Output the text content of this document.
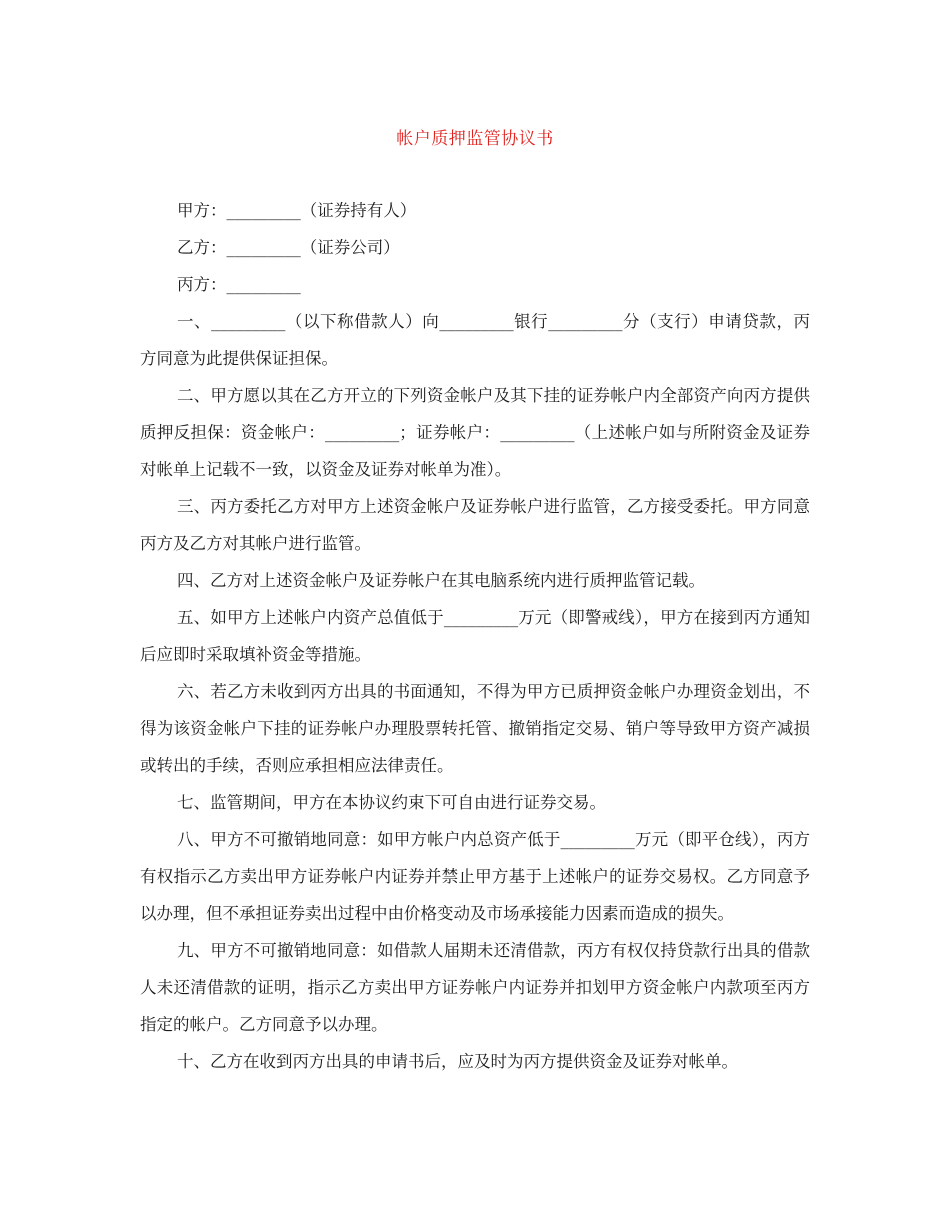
帐户质押监管协议书

甲方：_________（证券持有人）

乙方：_________（证券公司）

丙方：_________

一、_________（以下称借款人）向_________银行_________分（支行）申请贷款，丙方同意为此提供保证担保。

二、甲方愿以其在乙方开立的下列资金帐户及其下挂的证券帐户内全部资产向丙方提供质押反担保：资金帐户：_________；证券帐户：_________（上述帐户如与所附资金及证券对帐单上记载不一致，以资金及证券对帐单为准）。

三、丙方委托乙方对甲方上述资金帐户及证券帐户进行监管，乙方接受委托。甲方同意丙方及乙方对其帐户进行监管。

四、乙方对上述资金帐户及证券帐户在其电脑系统内进行质押监管记载。

五、如甲方上述帐户内资产总值低于_________万元（即警戒线），甲方在接到丙方通知后应即时采取填补资金等措施。

六、若乙方未收到丙方出具的书面通知，不得为甲方已质押资金帐户办理资金划出，不得为该资金帐户下挂的证券帐户办理股票转托管、撤销指定交易、销户等导致甲方资产减损或转出的手续，否则应承担相应法律责任。

七、监管期间，甲方在本协议约束下可自由进行证券交易。

八、甲方不可撤销地同意：如甲方帐户内总资产低于_________万元（即平仓线），丙方有权指示乙方卖出甲方证券帐户内证券并禁止甲方基于上述帐户的证券交易权。乙方同意予以办理，但不承担证券卖出过程中由价格变动及市场承接能力因素而造成的损失。

九、甲方不可撤销地同意：如借款人届期未还清借款，丙方有权仅持贷款行出具的借款人未还清借款的证明，指示乙方卖出甲方证券帐户内证券并扣划甲方资金帐户内款项至丙方指定的帐户。乙方同意予以办理。

十、乙方在收到丙方出具的申请书后，应及时为丙方提供资金及证券对帐单。
